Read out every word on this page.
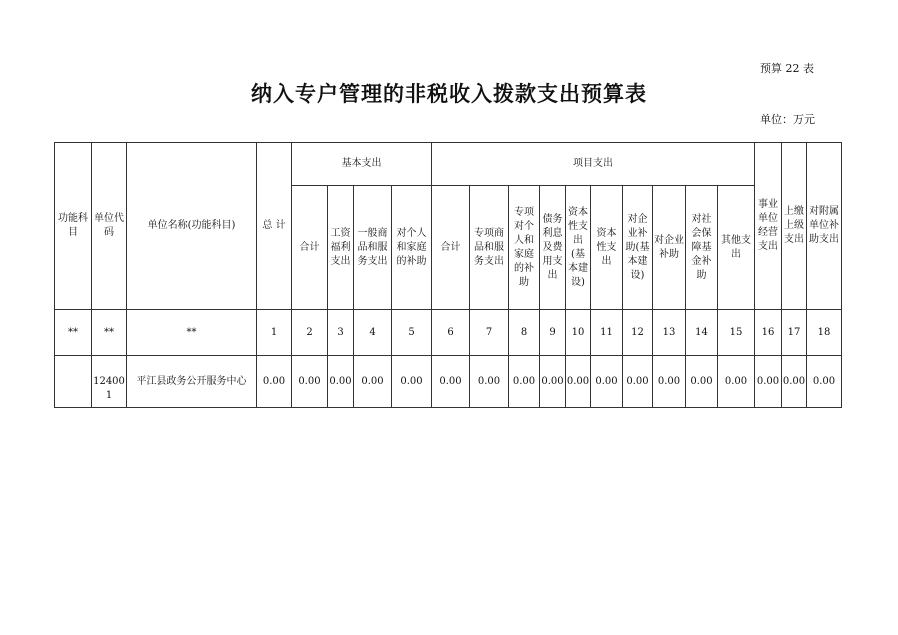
预算 22 表
纳入专户管理的非税收入拨款支出预算表
单位：万元
功能科目	单位代码	单位名称(功能科目)	总 计	基本支出				项目支出										事业单位经营支出	上缴上级支出	对附属单位补助支出

				合计	工资福利支出	一般商品和服务支出	对个人和家庭的补助	合计	专项商品和服务支出	专项对个人和家庭的补助	债务利息及费用支出	资本性支出(基本建设)	资本性支出	对企业补助(基本建设)	对企业补助	对社会保障基金补助	其他支出			

**	**	**	1	2	3	4	5	6	7	8	9	10	11	12	13	14	15	16	17	18
	124001	平江县政务公开服务中心	0.00	0.00	0.00	0.00	0.00	0.00	0.00	0.00	0.00	0.00	0.00	0.00	0.00	0.00	0.00	0.00	0.00	0.00
